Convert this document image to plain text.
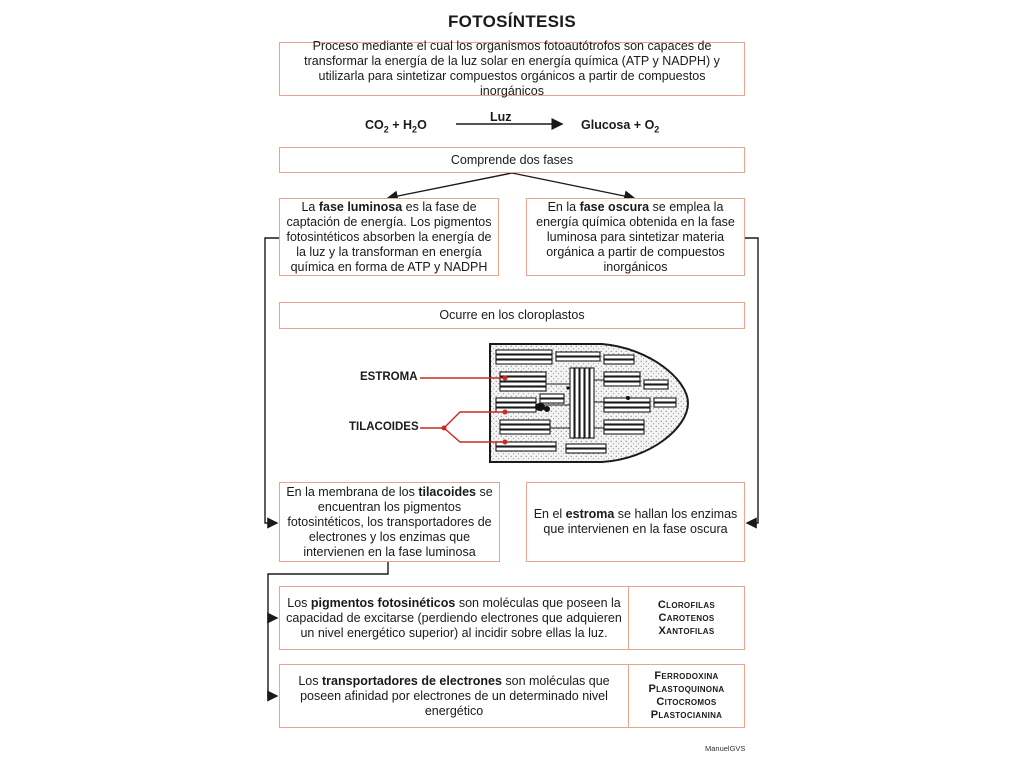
FOTOSÍNTESIS
Proceso mediante el cual los organismos fotoautótrofos son capaces de transformar la energía de la luz solar en energía química (ATP y NADPH) y utilizarla para sintetizar compuestos orgánicos a partir de compuestos inorgánicos
$CO_2 + H_2O$
Luz
$Glucosa + O_2$
Comprende dos fases
La fase luminosa es la fase de captación de energía. Los pigmentos fotosintéticos absorben la energía de la luz y la transforman en energía química en forma de ATP y NADPH
En la fase oscura se emplea la energía química obtenida en la fase luminosa para sintetizar materia orgánica a partir de compuestos inorgánicos
Ocurre en los cloroplastos
ESTROMA
TILACOIDES
En la membrana de los tilacoides se encuentran los pigmentos fotosintéticos, los transportadores de electrones y los enzimas que intervienen en la fase luminosa
En el estroma se hallan los enzimas que intervienen en la fase oscura
Los pigmentos fotosinéticos son moléculas que poseen la capacidad de excitarse (perdiendo electrones que adquieren un nivel energético superior) al incidir sobre ellas la luz.
Clorofilas
Carotenos
Xantofilas
Los transportadores de electrones son moléculas que poseen afinidad por electrones de un determinado nivel energético
Ferrodoxina
Plastoquinona
Citocromos
Plastocianina
ManuelGVS
